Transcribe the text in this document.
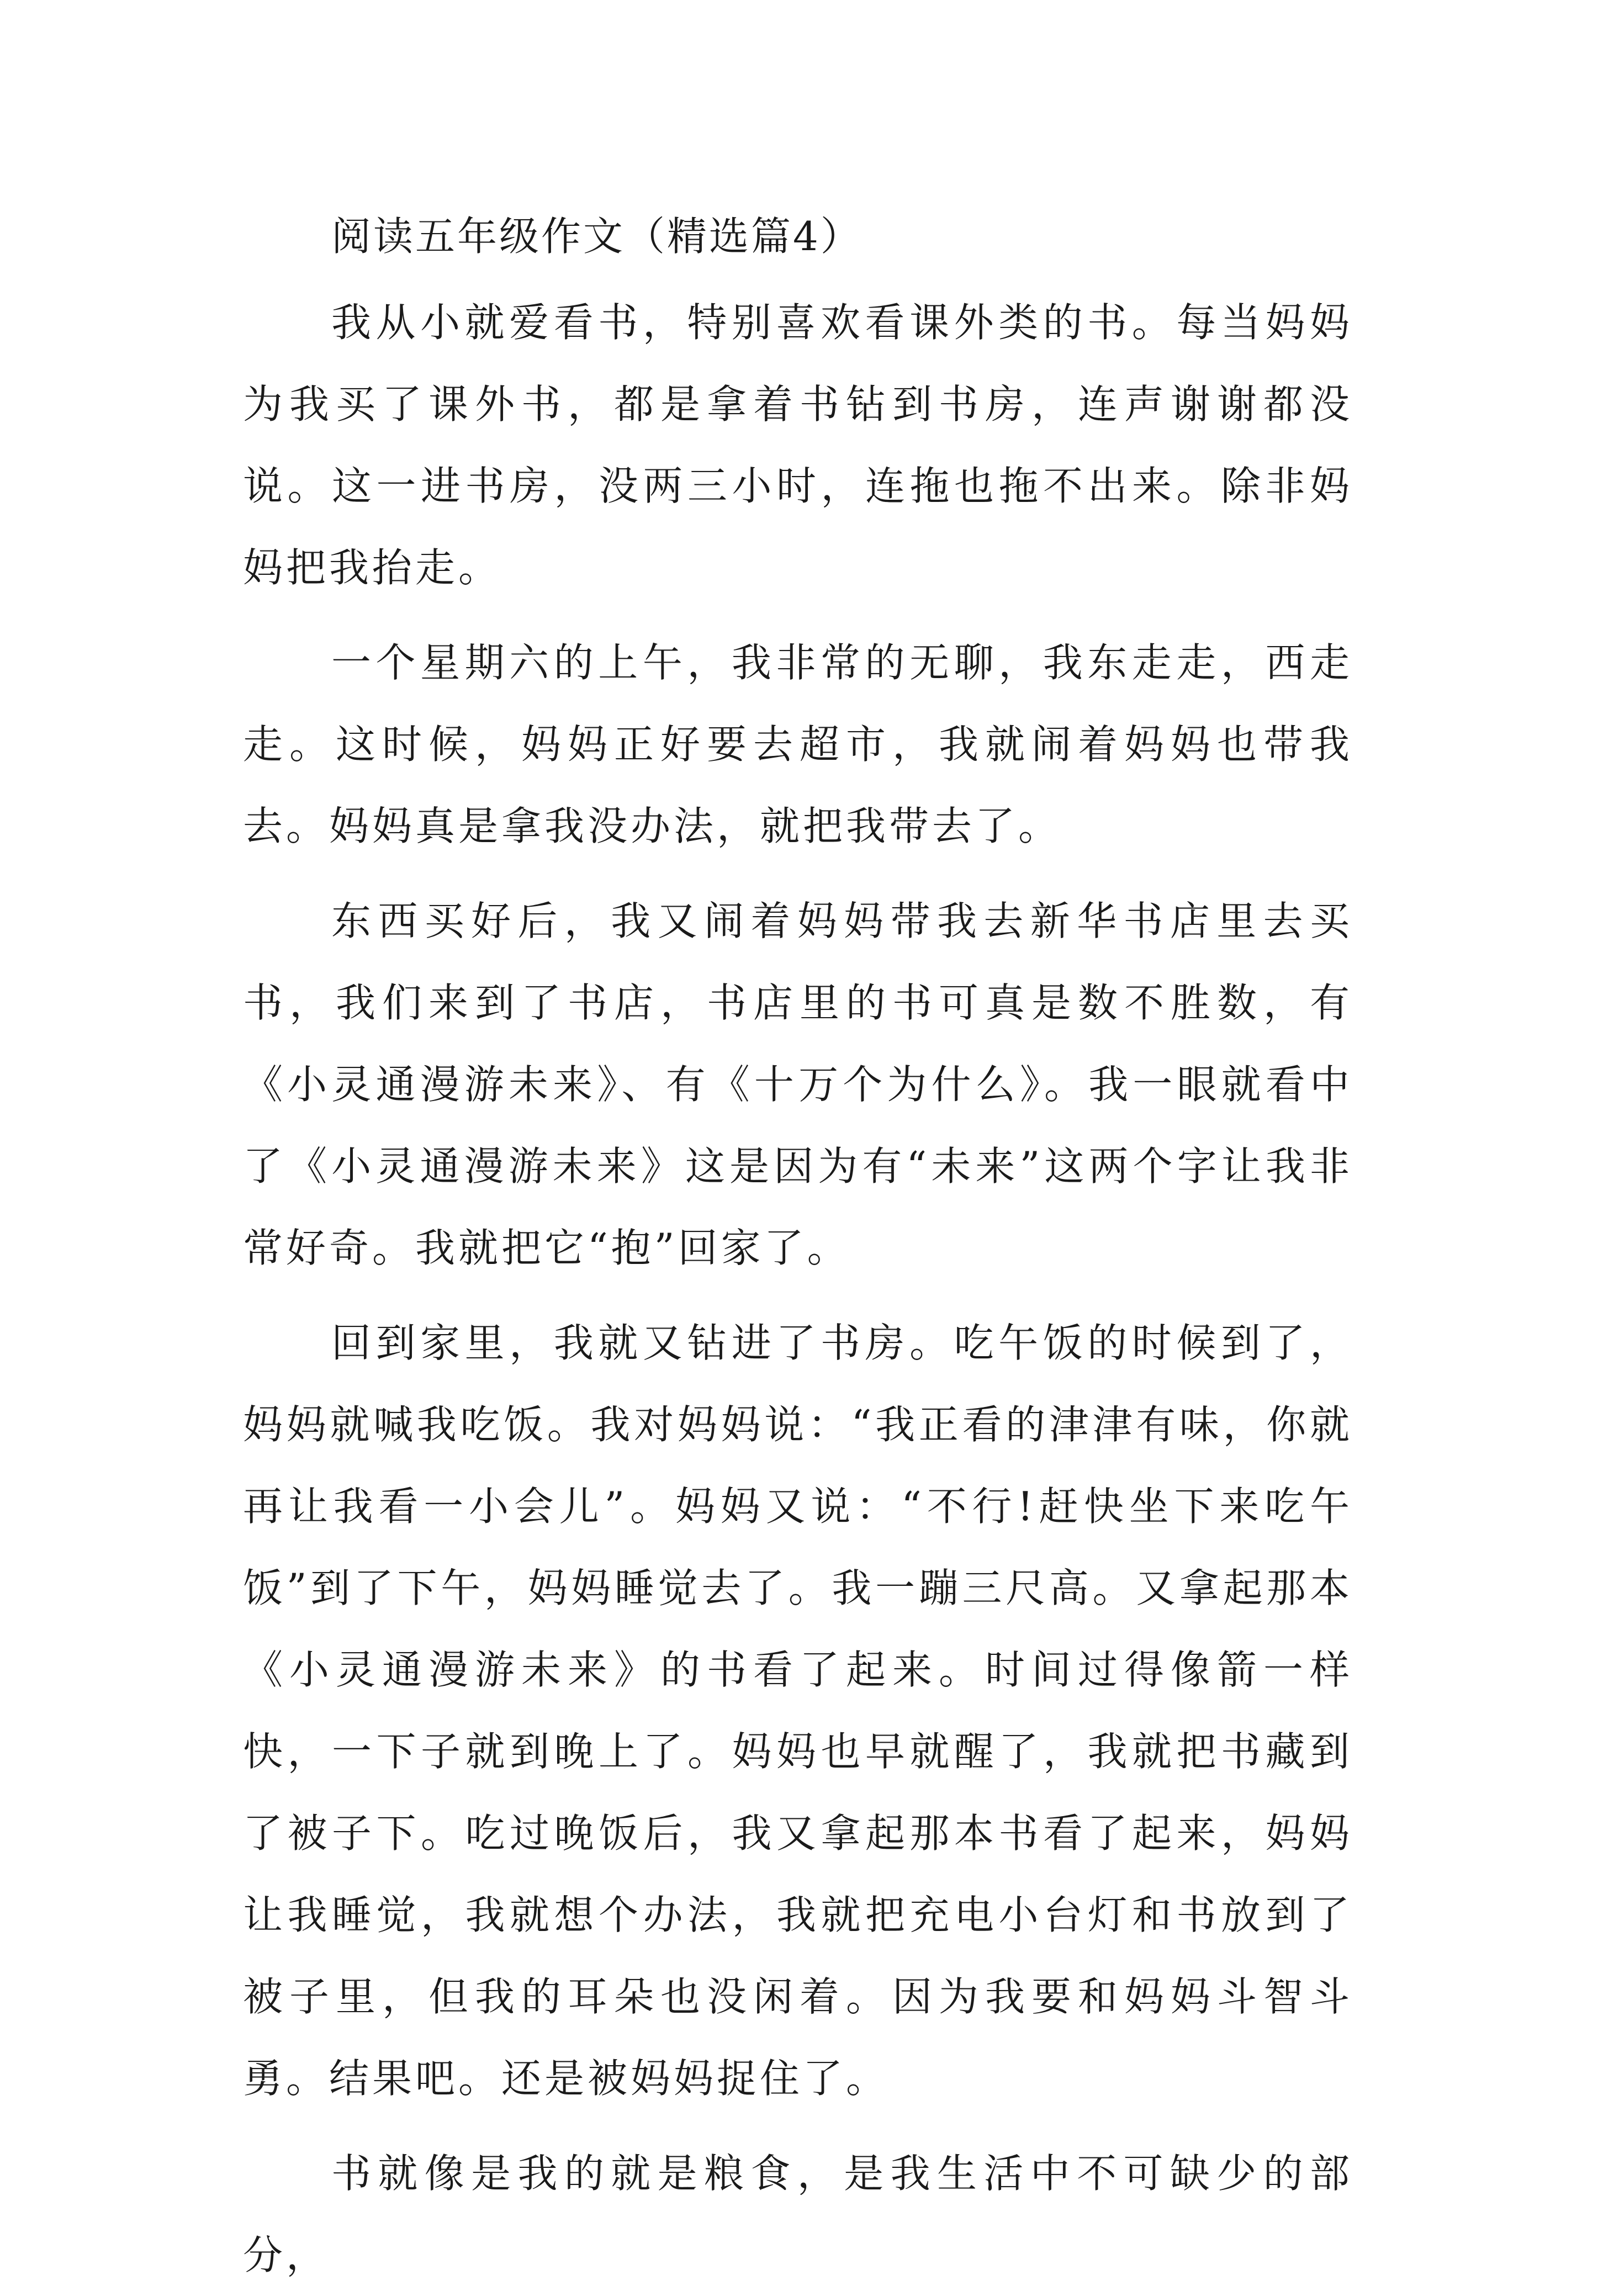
阅读五年级作文（精选篇4）

我从小就爱看书，特别喜欢看课外类的书。每当妈妈为我买了课外书，都是拿着书钻到书房，连声谢谢都没说。这一进书房，没两三小时，连拖也拖不出来。除非妈妈把我抬走。

一个星期六的上午，我非常的无聊，我东走走，西走走。这时候，妈妈正好要去超市，我就闹着妈妈也带我去。妈妈真是拿我没办法，就把我带去了。

东西买好后，我又闹着妈妈带我去新华书店里去买书，我们来到了书店，书店里的书可真是数不胜数，有《小灵通漫游未来》、有《十万个为什么》。我一眼就看中了《小灵通漫游未来》这是因为有“未来”这两个字让我非常好奇。我就把它“抱”回家了。

回到家里，我就又钻进了书房。吃午饭的时候到了，妈妈就喊我吃饭。我对妈妈说：“我正看的津津有味，你就再让我看一小会儿”。妈妈又说：“不行!赶快坐下来吃午饭”到了下午，妈妈睡觉去了。我一蹦三尺高。又拿起那本《小灵通漫游未来》的书看了起来。时间过得像箭一样快，一下子就到晚上了。妈妈也早就醒了，我就把书藏到了被子下。吃过晚饭后，我又拿起那本书看了起来，妈妈让我睡觉，我就想个办法，我就把充电小台灯和书放到了被子里，但我的耳朵也没闲着。因为我要和妈妈斗智斗勇。结果吧。还是被妈妈捉住了。

书就像是我的就是粮食，是我生活中不可缺少的部分，
